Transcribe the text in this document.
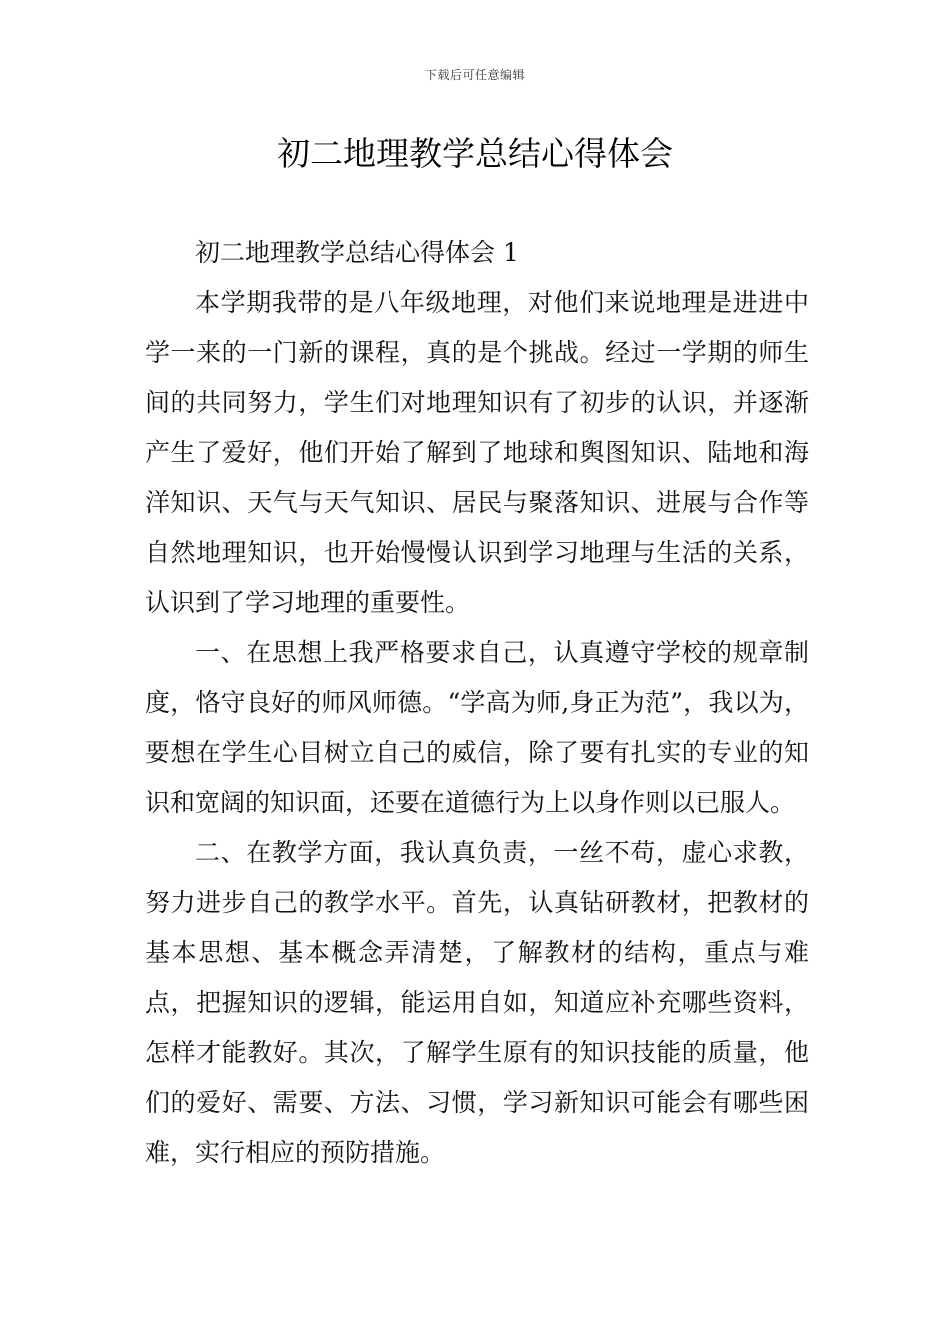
下载后可任意编辑
初二地理教学总结心得体会

初二地理教学总结心得体会 1

本学期我带的是八年级地理，对他们来说地理是进进中学一来的一门新的课程，真的是个挑战。经过一学期的师生间的共同努力，学生们对地理知识有了初步的认识，并逐渐产生了爱好，他们开始了解到了地球和舆图知识、陆地和海洋知识、天气与天气知识、居民与聚落知识、进展与合作等自然地理知识，也开始慢慢认识到学习地理与生活的关系，认识到了学习地理的重要性。

一、在思想上我严格要求自己，认真遵守学校的规章制度，恪守良好的师风师德。“学高为师,身正为范”，我以为，要想在学生心目树立自己的威信，除了要有扎实的专业的知识和宽阔的知识面，还要在道德行为上以身作则以已服人。

二、在教学方面，我认真负责，一丝不苟，虚心求教，努力进步自己的教学水平。首先，认真钻研教材，把教材的基本思想、基本概念弄清楚，了解教材的结构，重点与难点，把握知识的逻辑，能运用自如，知道应补充哪些资料，怎样才能教好。其次，了解学生原有的知识技能的质量，他们的爱好、需要、方法、习惯，学习新知识可能会有哪些困难，实行相应的预防措施。
